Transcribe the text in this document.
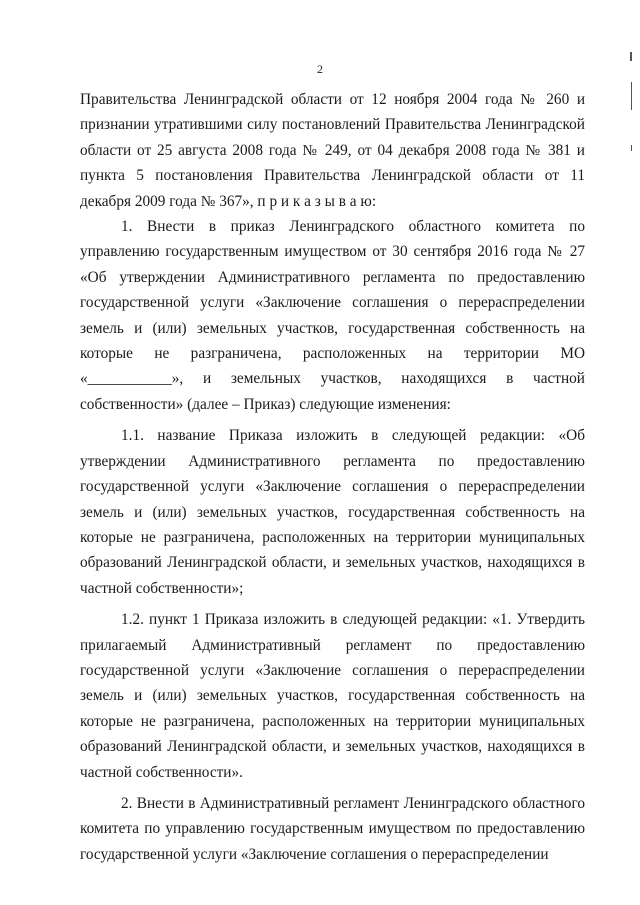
2

Правительства Ленинградской области от 12 ноября 2004 года № 260 и признании утратившими силу постановлений Правительства Ленинградской области от 25 августа 2008 года № 249, от 04 декабря 2008 года № 381 и пункта 5 постановления Правительства Ленинградской области от 11 декабря 2009 года № 367», п р и к а з ы в а ю:

1. Внести в приказ Ленинградского областного комитета по управлению государственным имуществом от 30 сентября 2016 года № 27 «Об утверждении Административного регламента по предоставлению государственной услуги «Заключение соглашения о перераспределении земель и (или) земельных участков, государственная собственность на которые не разграничена, расположенных на территории МО «___________», и земельных участков, находящихся в частной собственности» (далее – Приказ) следующие изменения:

1.1. название Приказа изложить в следующей редакции: «Об утверждении Административного регламента по предоставлению государственной услуги «Заключение соглашения о перераспределении земель и (или) земельных участков, государственная собственность на которые не разграничена, расположенных на территории муниципальных образований Ленинградской области, и земельных участков, находящихся в частной собственности»;

1.2. пункт 1 Приказа изложить в следующей редакции: «1. Утвердить прилагаемый Административный регламент по предоставлению государственной услуги «Заключение соглашения о перераспределении земель и (или) земельных участков, государственная собственность на которые не разграничена, расположенных на территории муниципальных образований Ленинградской области, и земельных участков, находящихся в частной собственности».

2. Внести в Административный регламент Ленинградского областного комитета по управлению государственным имуществом по предоставлению государственной услуги «Заключение соглашения о перераспределении
